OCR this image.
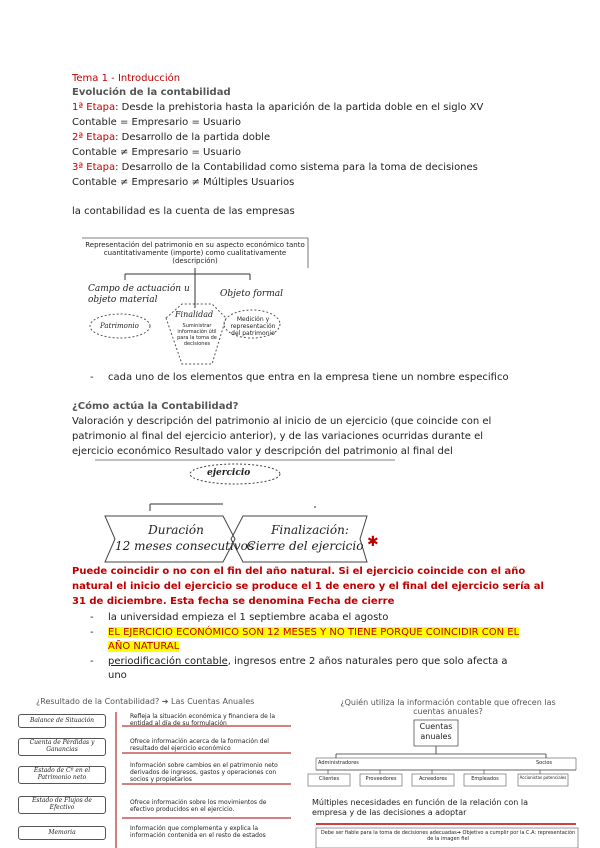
Tema 1 - Introducción
Evolución de la contabilidad
1ª Etapa: Desde la prehistoria hasta la aparición de la partida doble en el siglo XV
Contable = Empresario = Usuario
2ª Etapa: Desarrollo de la partida doble
Contable ≠ Empresario = Usuario
3ª Etapa: Desarrollo de la Contabilidad como sistema para la toma de decisiones
Contable ≠ Empresario ≠ Múltiples Usuarios
la contabilidad es la cuenta de las empresas
Representación del patrimonio en su aspecto económico tanto cuantitativamente (importe) como cualitativamente (descripción)
Campo de actuación u objeto material
Objeto formal
Finalidad
Patrimonio	Suministrar información útil para la toma de decisiones
Medición y representación del patrimonio
- cada uno de los elementos que entra en la empresa tiene un nombre especifico
¿Cómo actúa la Contabilidad?
Valoración y descripción del patrimonio al inicio de un ejercicio (que coincide con el
patrimonio al final del ejercicio anterior), y de las variaciones ocurridas durante el
ejercicio económico Resultado valor y descripción del patrimonio al final del
ejercicio
Duración
12 meses consecutivos
Finalización:
Cierre del ejercicio ✱
Puede coincidir o no con el fin del año natural. Si el ejercicio coincide con el año
natural el inicio del ejercicio se produce el 1 de enero y el final del ejercicio sería al
31 de diciembre. Esta fecha se denomina Fecha de cierre
- la universidad empieza el 1 septiembre acaba el agosto
- EL EJERCICIO ECONÓMICO SON 12 MESES Y NO TIENE PORQUE COINCIDIR CON EL
AÑO NATURAL
- periodificación contable, ingresos entre 2 años naturales pero que solo afecta a
uno
¿Resultado de la Contabilidad? ➔ Las Cuentas Anuales
Balance de Situación
Refleja la situación económica y financiera de la entidad al día de su formulación
Cuenta de Pérdidas y Ganancias
Ofrece información acerca de la formación del resultado del ejercicio económico
Estado de Cº en el Patrimonio neto
Información sobre cambios en el patrimonio neto derivados de ingresos, gastos y operaciones con socios y propietarios
Estado de Flujos de Efectivo
Ofrece información sobre los movimientos de efectivo producidos en el ejercicio.
Memoria
Información que complementa y explica la información contenida en el resto de estados
¿Quién utiliza la información contable que ofrecen las
cuentas anuales?
Cuentas
anuales
Administradores	Socios
Clientes	Proveedores	Acreedores	Empleados	Accionistas potenciales
Múltiples necesidades en función de la relación con la
empresa y de las decisiones a adoptar
Debe ser fiable para la toma de decisiones adecuadas➔ Objetivo a cumplir por la C.A: representación de la imagen fiel
